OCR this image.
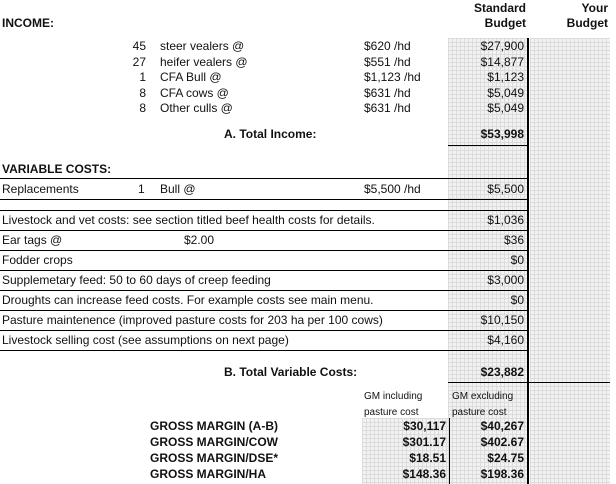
Standard
Budget
Your
Budget
INCOME:
45 steer vealers @	$620 /hd	$27,900
27 heifer vealers @	$551 /hd	$14,877
1 CFA Bull @	$1,123 /hd	$1,123
8 CFA cows @	$631 /hd	$5,049
8 Other culls @	$631 /hd	$5,049
A. Total Income:	$53,998
VARIABLE COSTS:
Replacements	1 Bull @	$5,500 /hd	$5,500
Livestock and vet costs: see section titled beef health costs for details.	$1,036
Ear tags @	$2.00	$36
Fodder crops	$0
Supplemetary feed: 50 to 60 days of creep feeding	$3,000
Droughts can increase feed costs. For example costs see main menu.	$0
Pasture maintenence (improved pasture costs for 203 ha per 100 cows)	$10,150
Livestock selling cost (see assumptions on next page)	$4,160
B. Total Variable Costs:	$23,882
GM including
pasture cost
GM excluding
pasture cost
GROSS MARGIN (A-B)	$30,117	$40,267
GROSS MARGIN/COW	$301.17	$402.67
GROSS MARGIN/DSE*	$18.51	$24.75
GROSS MARGIN/HA	$148.36	$198.36
